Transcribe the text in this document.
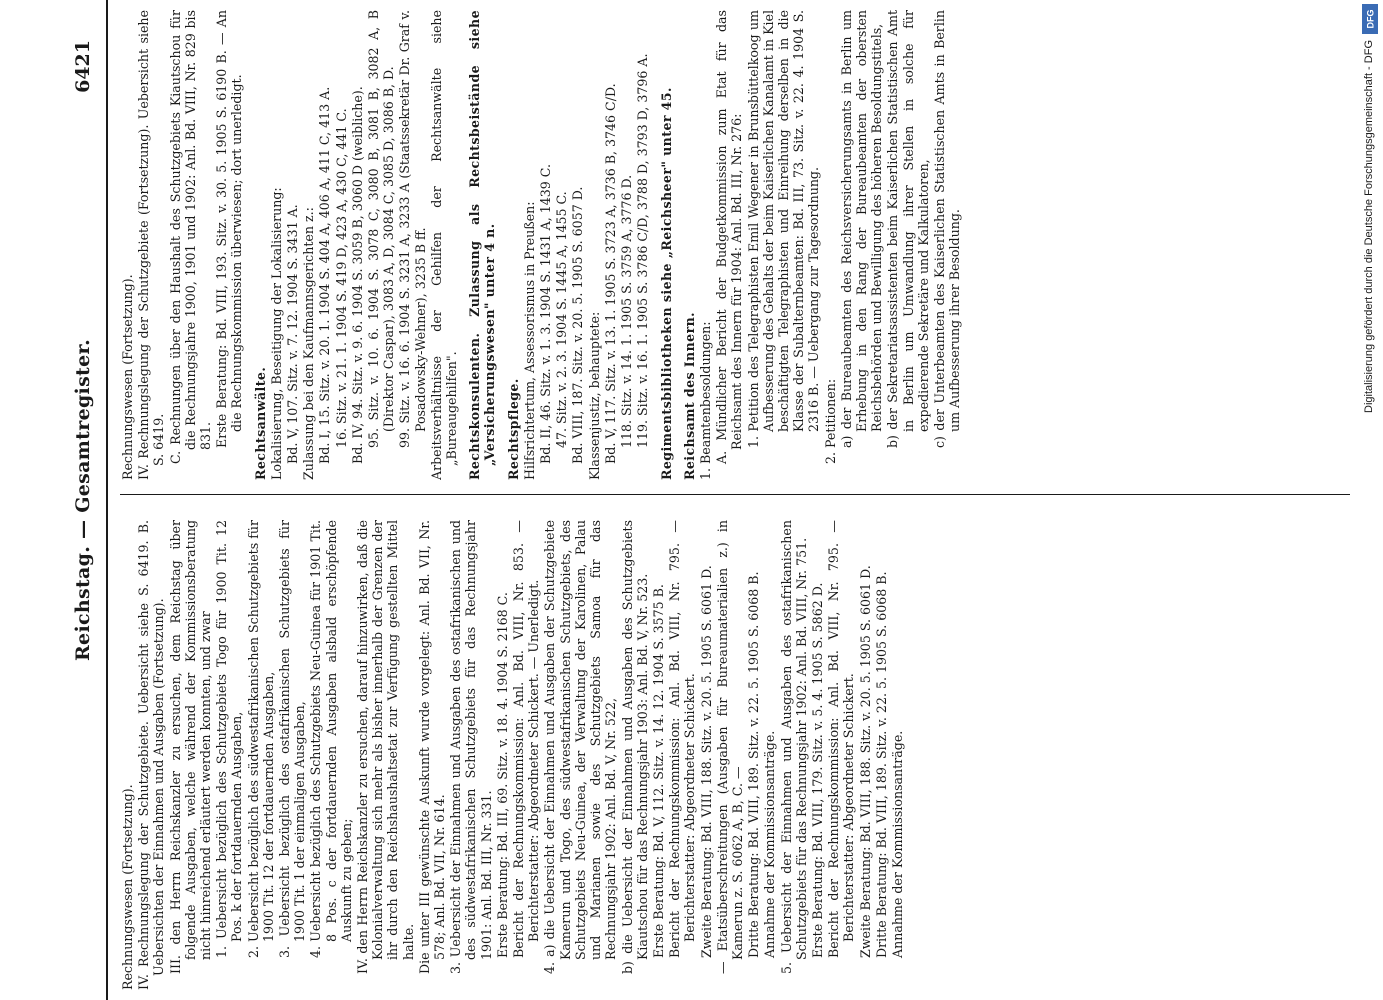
Reichstag. — Gesamtregister.
6421
Rechnungswesen (Fortsetzung). IV. Rechnungslegung der Schutzgebiete. Uebersicht siehe S. 6419. B. Uebersichten der Einnahmen und Ausgaben (Fortsetzung). III. den Herrn Reichskanzler zu ersuchen, dem Reichstag über folgende Ausgaben, welche während der Kommissionsberatung nicht hinreichend erläutert werden konnten, und zwar 1. Uebersicht bezüglich des Schutzgebiets Togo für 1900 Tit. 12 Pos. k der fortdauernden Ausgaben, 2. Uebersicht bezüglich des südwestafrikanischen Schutzgebiets für 1900 Tit. 12 der fortdauernden Ausgaben, 3. Uebersicht bezüglich des ostafrikanischen Schutzgebiets für 1900 Tit. 1 der einmaligen Ausgaben, 4. Uebersicht bezüglich des Schutzgebiets Neu-Guinea für 1901 Tit. 8 Pos. c der fortdauernden Ausgaben alsbald erschöpfende Auskunft zu geben; IV. den Herrn Reichskanzler zu ersuchen, darauf hinzuwirken, daß die Kolonialverwaltung sich mehr als bisher innerhalb der Grenzen der ihr durch den Reichshaushaltsetat zur Verfügung gestellten Mittel halte. Die unter III gewünschte Auskunft wurde vorgelegt: Anl. Bd. VII, Nr. 578; Anl. Bd. VII, Nr. 614. 3. Uebersicht der Einnahmen und Ausgaben des ostafrikanischen und des südwestafrikanischen Schutzgebiets für das Rechnungsjahr 1901: Anl. Bd. III, Nr. 331. Erste Beratung: Bd. III, 69. Sitz. v. 18. 4. 1904 S. 2168 C. Bericht der Rechnungskommission: Anl. Bd. VIII, Nr. 853. — Berichterstatter: Abgeordneter Schickert. — Unerledigt. 4. a) die Uebersicht der Einnahmen und Ausgaben der Schutzgebiete Kamerun und Togo, des südwestafrikanischen Schutzgebiets, des Schutzgebiets Neu-Guinea, der Verwaltung der Karolinen, Palau und Marianen sowie des Schutzgebiets Samoa für das Rechnungsjahr 1902: Anl. Bd. V, Nr. 522, b) die Uebersicht der Einnahmen und Ausgaben des Schutzgebiets Kiautschou für das Rechnungsjahr 1903: Anl. Bd. V, Nr. 523. Erste Beratung: Bd. V, 112. Sitz. v. 14. 12. 1904 S. 3575 B. Bericht der Rechnungskommission: Anl. Bd. VIII, Nr. 795. — Berichterstatter: Abgeordneter Schickert. Zweite Beratung: Bd. VIII, 188. Sitz. v. 20. 5. 1905 S. 6061 D. — Etatsüberschreitungen (Ausgaben für Bureaumaterialien z.) in Kamerun z. S. 6062 A, B, C. — Dritte Beratung: Bd. VIII, 189. Sitz. v. 22. 5. 1905 S. 6068 B. Annahme der Kommissionsanträge. 5. Uebersicht der Einnahmen und Ausgaben des ostafrikanischen Schutzgebiets für das Rechnungsjahr 1902: Anl. Bd. VIII, Nr. 751. Erste Beratung: Bd. VIII, 179. Sitz. v. 5. 4. 1905 S. 5862 D. Bericht der Rechnungskommission: Anl. Bd. VIII, Nr. 795. — Berichterstatter: Abgeordneter Schickert. Zweite Beratung: Bd. VIII, 188. Sitz. v. 20. 5. 1905 S. 6061 D. Dritte Beratung: Bd. VIII, 189. Sitz. v. 22. 5. 1905 S. 6068 B. Annahme der Kommissionsanträge.
Rechnungswesen (Fortsetzung). IV. Rechnungslegung der Schutzgebiete (Fortsetzung). Uebersicht siehe S. 6419. C. Rechnungen über den Haushalt des Schutzgebiets Kiautschou für die Rechnungsjahre 1900, 1901 und 1902: Anl. Bd. VIII, Nr. 829 bis 831. Erste Beratung: Bd. VIII, 193. Sitz. v. 30. 5. 1905 S. 6190 B. — An die Rechnungskommission überwiesen; dort unerledigt. Rechtsanwälte. Lokalisierung, Beseitigung der Lokalisierung: Bd. V, 107. Sitz. v. 7. 12. 1904 S. 3431 A. Zulassung bei den Kaufmannsgerichten z.: Bd. I, 15. Sitz. v. 20. 1. 1904 S. 404 A, 406 A, 411 C, 413 A. 16. Sitz. v. 21. 1. 1904 S. 419 D, 423 A, 430 C, 441 C. Bd. IV, 94. Sitz. v. 9. 6. 1904 S. 3059 B, 3060 D (weibliche). 95. Sitz. v. 10. 6. 1904 S. 3078 C, 3080 B, 3081 B, 3082 A, B (Direktor Caspar), 3083 A, D, 3084 C, 3085 D, 3086 B, D. 99. Sitz. v. 16. 6. 1904 S. 3231 A, 3233 A (Staatssekretär Dr. Graf v. Posadowsky-Wehner), 3235 B ff. Arbeitsverhältnisse der Gehilfen der Rechtsanwälte siehe „Bureaugehilfen". Rechtskonsulenten. Zulassung als Rechtsbeistände siehe „Versicherungswesen" unter 4 n. Rechtspflege. Hilfsrichtertum, Assessorismus in Preußen: Bd. II, 46. Sitz. v. 1. 3. 1904 S. 1431 A, 1439 C. 47. Sitz. v. 2. 3. 1904 S. 1445 A, 1455 C. Bd. VIII, 187. Sitz. v. 20. 5. 1905 S. 6057 D. Klassenjustiz, behauptete: Bd. V, 117. Sitz. v. 13. 1. 1905 S. 3723 A, 3736 B, 3746 C/D. 118. Sitz. v. 14. 1. 1905 S. 3759 A, 3776 D. 119. Sitz. v. 16. 1. 1905 S. 3786 C/D, 3788 D, 3793 D, 3796 A. Regimentsbibliotheken siehe „Reichsheer" unter 45. Reichsamt des Innern. 1. Beamtenbesoldungen: A. Mündlicher Bericht der Budgetkommission zum Etat für das Reichsamt des Innern für 1904: Anl. Bd. III, Nr. 276: 1. Petition des Telegraphisten Emil Wegener in Brunsbüttelkoog um Aufbesserung des Gehalts der beim Kaiserlichen Kanalamt in Kiel beschäftigten Telegraphisten und Einreihung derselben in die Klasse der Subalternbeamten: Bd. III, 73. Sitz. v. 22. 4. 1904 S. 2316 B. — Uebergang zur Tagesordnung. 2. Petitionen: a) der Bureaubeamten des Reichsversicherungsamts in Berlin um Erhebung in den Rang der Bureaubeamten der obersten Reichsbehörden und Bewilligung des höheren Besoldungstitels, b) der Sekretariatsassistenten beim Kaiserlichen Statistischen Amt in Berlin um Umwandlung ihrer Stellen in solche für expedierende Sekretäre und Kalkulatoren, c) der Unterbeamten des Kaiserlichen Statistischen Amts in Berlin um Aufbesserung ihrer Besoldung.	Digitalisierung gefördert durch die Deutsche Forschungsgemeinschaft - DFG
DFG
